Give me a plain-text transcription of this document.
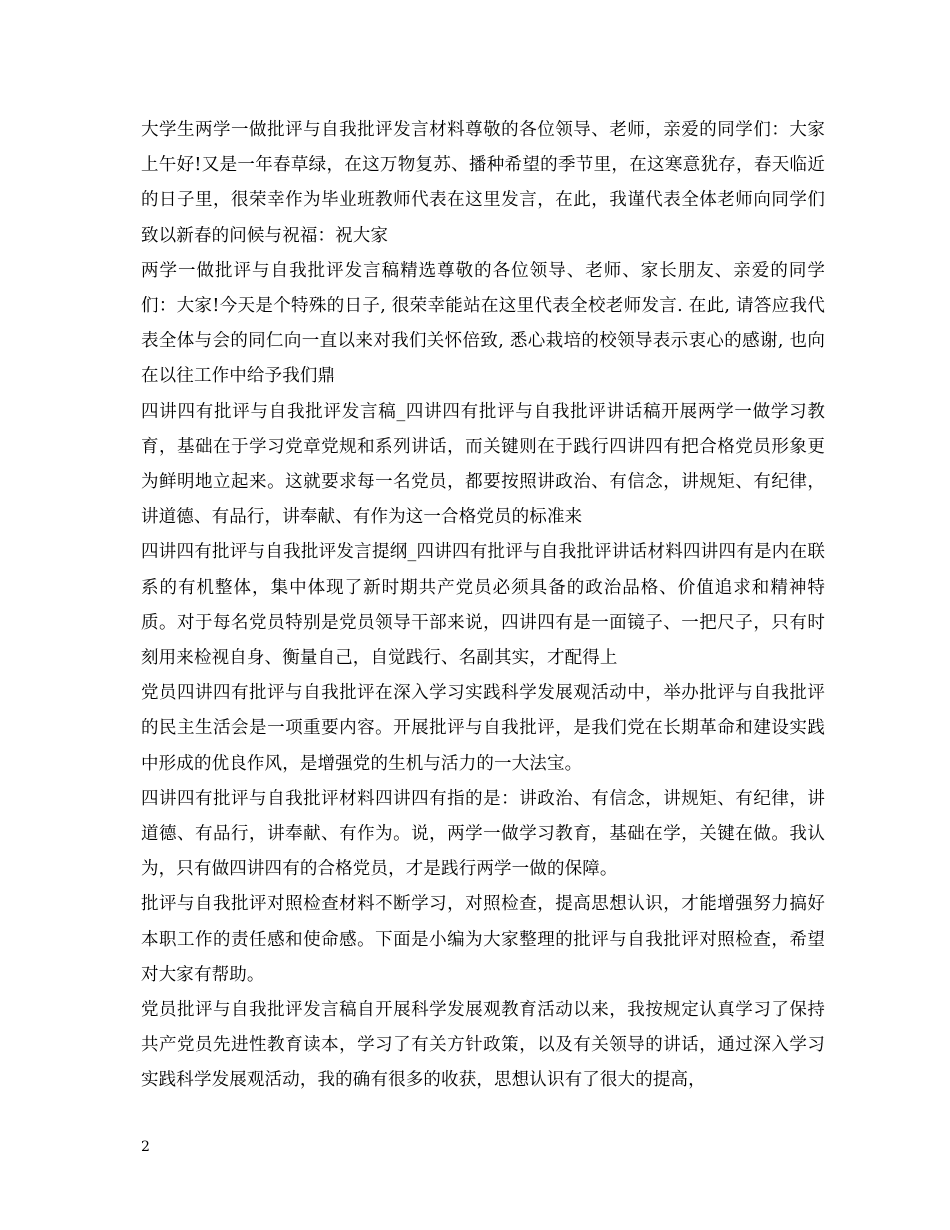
大学生两学一做批评与自我批评发言材料尊敬的各位领导、老师，亲爱的同学们：大家上午好!又是一年春草绿，在这万物复苏、播种希望的季节里，在这寒意犹存，春天临近的日子里，很荣幸作为毕业班教师代表在这里发言，在此，我谨代表全体老师向同学们致以新春的问候与祝福：祝大家

两学一做批评与自我批评发言稿精选尊敬的各位领导、老师、家长朋友、亲爱的同学们：大家!今天是个特殊的日子, 很荣幸能站在这里代表全校老师发言. 在此, 请答应我代表全体与会的同仁向一直以来对我们关怀倍致, 悉心栽培的校领导表示衷心的感谢, 也向在以往工作中给予我们鼎

四讲四有批评与自我批评发言稿_四讲四有批评与自我批评讲话稿开展两学一做学习教育，基础在于学习党章党规和系列讲话，而关键则在于践行四讲四有把合格党员形象更为鲜明地立起来。这就要求每一名党员，都要按照讲政治、有信念，讲规矩、有纪律，讲道德、有品行，讲奉献、有作为这一合格党员的标准来

四讲四有批评与自我批评发言提纲_四讲四有批评与自我批评讲话材料四讲四有是内在联系的有机整体，集中体现了新时期共产党员必须具备的政治品格、价值追求和精神特质。对于每名党员特别是党员领导干部来说，四讲四有是一面镜子、一把尺子，只有时刻用来检视自身、衡量自己，自觉践行、名副其实，才配得上

党员四讲四有批评与自我批评在深入学习实践科学发展观活动中，举办批评与自我批评的民主生活会是一项重要内容。开展批评与自我批评，是我们党在长期革命和建设实践中形成的优良作风，是增强党的生机与活力的一大法宝。

四讲四有批评与自我批评材料四讲四有指的是：讲政治、有信念，讲规矩、有纪律，讲道德、有品行，讲奉献、有作为。说，两学一做学习教育，基础在学，关键在做。我认为，只有做四讲四有的合格党员，才是践行两学一做的保障。

批评与自我批评对照检查材料不断学习，对照检查，提高思想认识，才能增强努力搞好本职工作的责任感和使命感。下面是小编为大家整理的批评与自我批评对照检查，希望对大家有帮助。

党员批评与自我批评发言稿自开展科学发展观教育活动以来，我按规定认真学习了保持共产党员先进性教育读本，学习了有关方针政策，以及有关领导的讲话，通过深入学习实践科学发展观活动，我的确有很多的收获，思想认识有了很大的提高，

2
